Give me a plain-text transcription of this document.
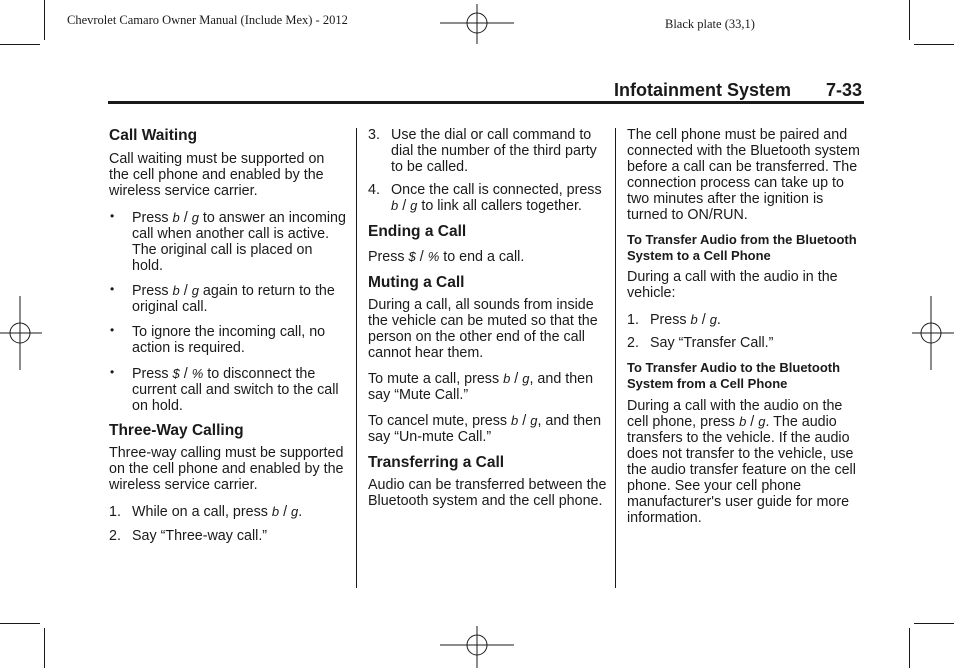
Chevrolet Camaro Owner Manual (Include Mex) - 2012	Black plate (33,1)
Infotainment System 7-33
Call Waiting

Call waiting must be supported on the cell phone and enabled by the wireless service carrier.

• Press b / g to answer an incoming call when another call is active. The original call is placed on hold.
• Press b / g again to return to the original call.
• To ignore the incoming call, no action is required.
• Press $ / % to disconnect the current call and switch to the call on hold.
Three-Way Calling

Three-way calling must be supported on the cell phone and enabled by the wireless service carrier.

1. While on a call, press b / g.
2. Say “Three-way call.”
3. Use the dial or call command to dial the number of the third party to be called.
4. Once the call is connected, press b / g to link all callers together.
Ending a Call

Press $ / % to end a call.

Muting a Call

During a call, all sounds from inside the vehicle can be muted so that the person on the other end of the call cannot hear them.

To mute a call, press b / g, and then say “Mute Call.”

To cancel mute, press b / g, and then say “Un-mute Call.”

Transferring a Call

Audio can be transferred between the Bluetooth system and the cell phone.

The cell phone must be paired and connected with the Bluetooth system before a call can be transferred. The connection process can take up to two minutes after the ignition is turned to ON/RUN.

To Transfer Audio from the Bluetooth System to a Cell Phone

During a call with the audio in the vehicle:

1. Press b / g.
2. Say “Transfer Call.”
To Transfer Audio to the Bluetooth System from a Cell Phone

During a call with the audio on the cell phone, press b / g. The audio transfers to the vehicle. If the audio does not transfer to the vehicle, use the audio transfer feature on the cell phone. See your cell phone manufacturer's user guide for more information.
